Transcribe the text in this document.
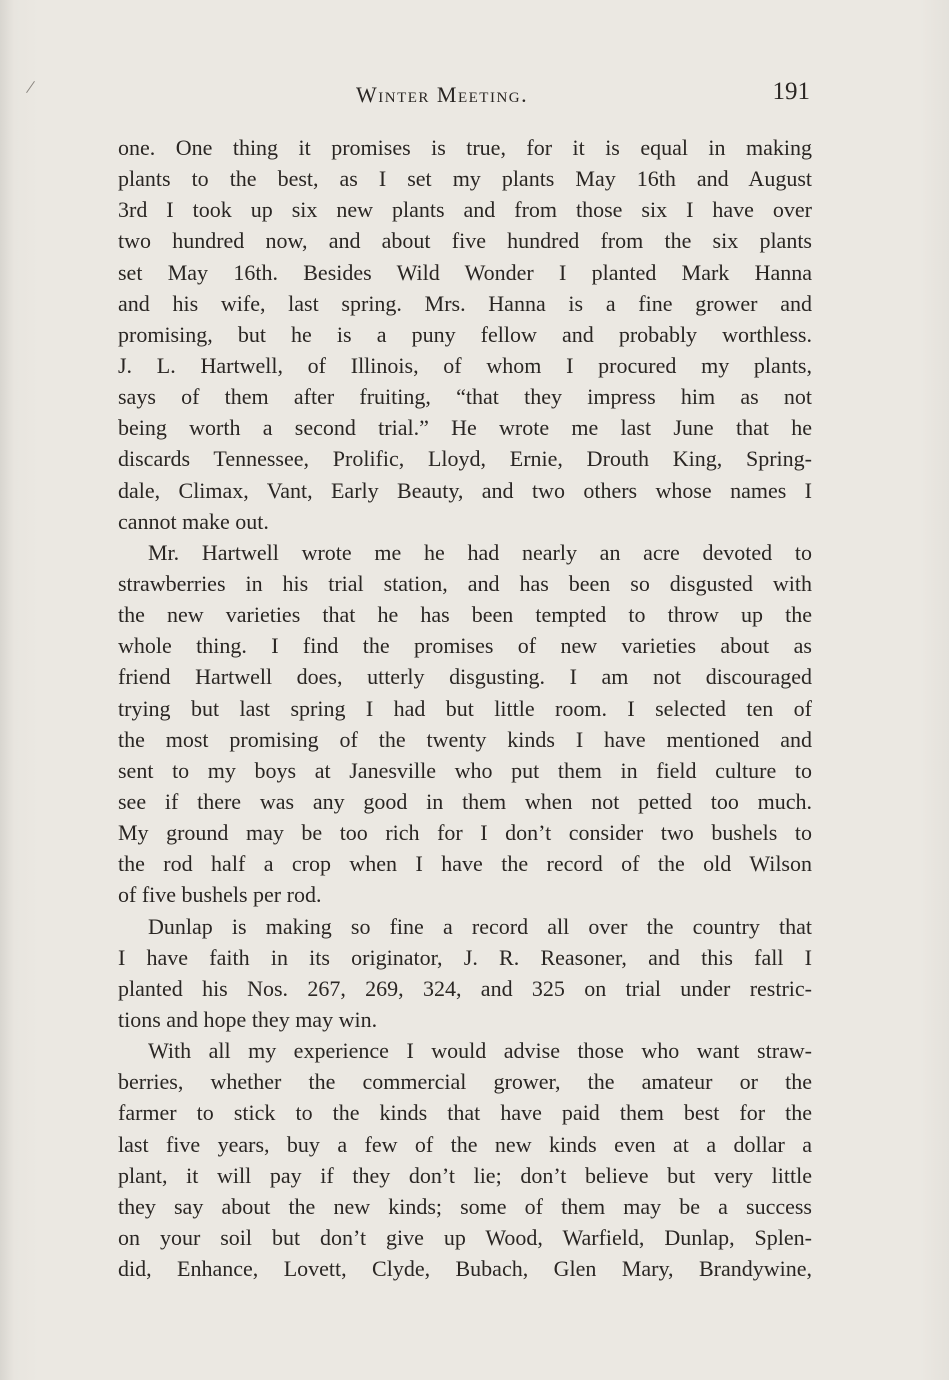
Winter Meeting.	191
one. One thing it promises is true, for it is equal in making
plants to the best, as I set my plants May 16th and August
3rd I took up six new plants and from those six I have over
two hundred now, and about five hundred from the six plants
set May 16th. Besides Wild Wonder I planted Mark Hanna
and his wife, last spring. Mrs. Hanna is a fine grower and
promising, but he is a puny fellow and probably worthless.
J. L. Hartwell, of Illinois, of whom I procured my plants,
says of them after fruiting, “that they impress him as not
being worth a second trial.” He wrote me last June that he
discards Tennessee, Prolific, Lloyd, Ernie, Drouth King, Spring-
dale, Climax, Vant, Early Beauty, and two others whose names I
cannot make out.
Mr. Hartwell wrote me he had nearly an acre devoted to
strawberries in his trial station, and has been so disgusted with
the new varieties that he has been tempted to throw up the
whole thing. I find the promises of new varieties about as
friend Hartwell does, utterly disgusting. I am not discouraged
trying but last spring I had but little room. I selected ten of
the most promising of the twenty kinds I have mentioned and
sent to my boys at Janesville who put them in field culture to
see if there was any good in them when not petted too much.
My ground may be too rich for I don’t consider two bushels to
the rod half a crop when I have the record of the old Wilson
of five bushels per rod.
Dunlap is making so fine a record all over the country that
I have faith in its originator, J. R. Reasoner, and this fall I
planted his Nos. 267, 269, 324, and 325 on trial under restric-
tions and hope they may win.
With all my experience I would advise those who want straw-
berries, whether the commercial grower, the amateur or the
farmer to stick to the kinds that have paid them best for the
last five years, buy a few of the new kinds even at a dollar a
plant, it will pay if they don’t lie; don’t believe but very little
they say about the new kinds; some of them may be a success
on your soil but don’t give up Wood, Warfield, Dunlap, Splen-
did, Enhance, Lovett, Clyde, Bubach, Glen Mary, Brandywine,
